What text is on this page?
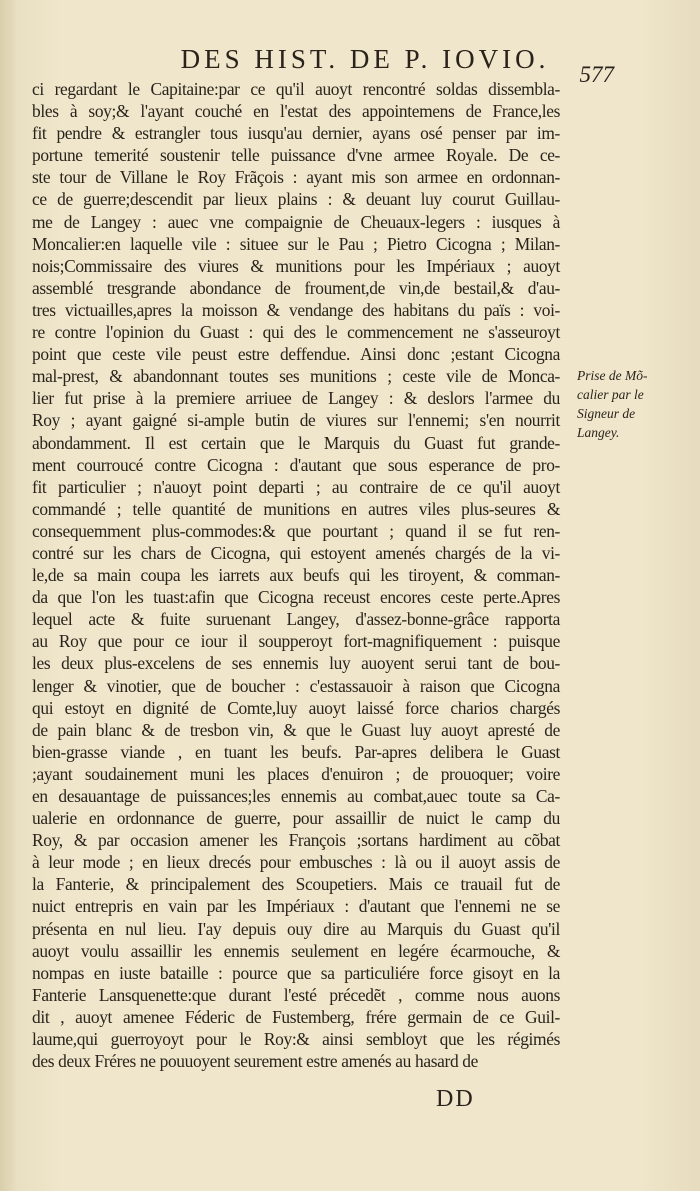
DES HIST. DE P. IOVIO.
577
ci regardant le Capitaine:par ce qu'il auoyt rencontré soldas dissembla-
bles à soy;& l'ayant couché en l'estat des appointemens de France,les
fit pendre & estrangler tous iusqu'au dernier, ayans osé penser par im-
portune temerité soustenir telle puissance d'vne armee Royale. De ce-
ste tour de Villane le Roy Frãçois : ayant mis son armee en ordonnan-
ce de guerre;descendit par lieux plains : & deuant luy courut Guillau-
me de Langey : auec vne compaignie de Cheuaux-legers : iusques à
Moncalier:en laquelle vile : situee sur le Pau ; Pietro Cicogna ; Milan-
nois;Commissaire des viures & munitions pour les Impériaux ; auoyt
assemblé tresgrande abondance de froument,de vin,de bestail,& d'au-
tres victuailles,apres la moisson & vendange des habitans du païs : voi-
re contre l'opinion du Guast : qui des le commencement ne s'asseuroyt
point que ceste vile peust estre deffendue. Ainsi donc ;estant Cicogna
mal-prest, & abandonnant toutes ses munitions ; ceste vile de Monca-
lier fut prise à la premiere arriuee de Langey : & deslors l'armee du
Roy ; ayant gaigné si-ample butin de viures sur l'ennemi; s'en nourrit
abondamment. Il est certain que le Marquis du Guast fut grande-
ment courroucé contre Cicogna : d'autant que sous esperance de pro-
fit particulier ; n'auoyt point departi ; au contraire de ce qu'il auoyt
commandé ; telle quantité de munitions en autres viles plus-seures &
consequemment plus-commodes:& que pourtant ; quand il se fut ren-
contré sur les chars de Cicogna, qui estoyent amenés chargés de la vi-
le,de sa main coupa les iarrets aux beufs qui les tiroyent, & comman-
da que l'on les tuast:afin que Cicogna receust encores ceste perte.Apres
lequel acte & fuite suruenant Langey, d'assez-bonne-grâce rapporta
au Roy que pour ce iour il soupperoyt fort-magnifiquement : puisque
les deux plus-excelens de ses ennemis luy auoyent serui tant de bou-
lenger & vinotier, que de boucher : c'estassauoir à raison que Cicogna
qui estoyt en dignité de Comte,luy auoyt laissé force charios chargés
de pain blanc & de tresbon vin, & que le Guast luy auoyt apresté de
bien-grasse viande , en tuant les beufs. Par-apres delibera le Guast
;ayant soudainement muni les places d'enuiron ; de prouoquer; voire
en desauantage de puissances;les ennemis au combat,auec toute sa Ca-
ualerie en ordonnance de guerre, pour assaillir de nuict le camp du
Roy, & par occasion amener les François ;sortans hardiment au cõbat
à leur mode ; en lieux drecés pour embusches : là ou il auoyt assis de
la Fanterie, & principalement des Scoupetiers. Mais ce trauail fut de
nuict entrepris en vain par les Impériaux : d'autant que l'ennemi ne se
présenta en nul lieu. I'ay depuis ouy dire au Marquis du Guast qu'il
auoyt voulu assaillir les ennemis seulement en legére écarmouche, &
nompas en iuste bataille : pource que sa particuliére force gisoyt en la
Fanterie Lansquenette:que durant l'esté précedẽt , comme nous auons
dit , auoyt amenee Féderic de Fustemberg, frére germain de ce Guil-
laume,qui guerroyoyt pour le Roy:& ainsi sembloyt que les régimés
des deux Fréres ne pouuoyent seurement estre amenés au hasard de
Prise de Mõ-
calier par le
Signeur de
Langey.
DD
